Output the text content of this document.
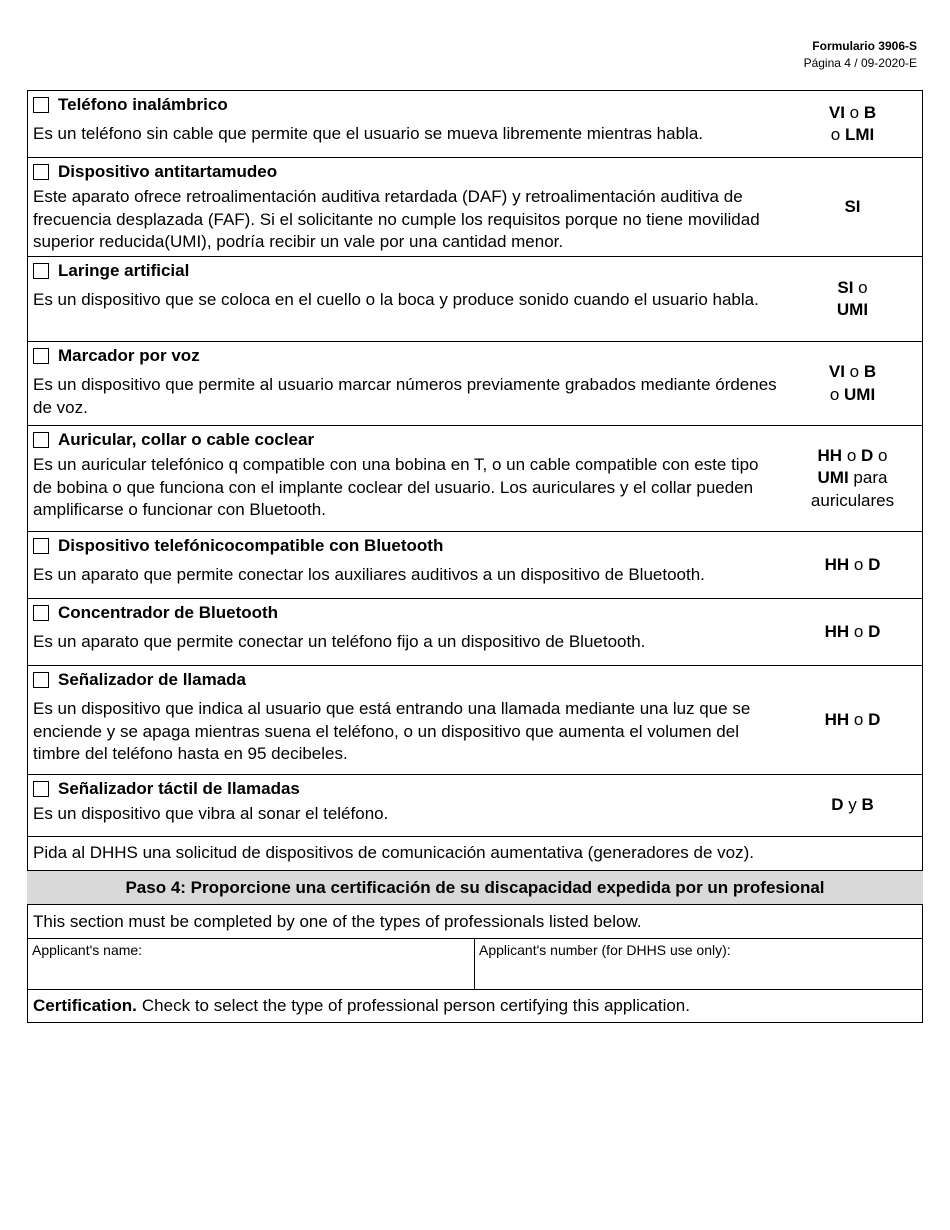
Formulario 3906-S
Página 4 / 09-2020-E
Teléfono inalámbrico
Es un teléfono sin cable que permite que el usuario se mueva libremente mientras habla.
VI o B
o LMI
Dispositivo antitartamudeo
Este aparato ofrece retroalimentación auditiva retardada (DAF) y retroalimentación auditiva de frecuencia desplazada (FAF). Si el solicitante no cumple los requisitos porque no tiene movilidad superior reducida(UMI), podría recibir un vale por una cantidad menor.
SI
Laringe artificial
Es un dispositivo que se coloca en el cuello o la boca y produce sonido cuando el usuario habla.
SI o
UMI
Marcador por voz
Es un dispositivo que permite al usuario marcar números previamente grabados mediante órdenes de voz.
VI o B
o UMI
Auricular, collar o cable coclear
Es un auricular telefónico q compatible con una bobina en T, o un cable compatible con este tipo de bobina o que funciona con el implante coclear del usuario. Los auriculares y el collar pueden amplificarse o funcionar con Bluetooth.
HH o D o
UMI para
auriculares
Dispositivo telefónicocompatible con Bluetooth
Es un aparato que permite conectar los auxiliares auditivos a un dispositivo de Bluetooth.
HH o D
Concentrador de Bluetooth
Es un aparato que permite conectar un teléfono fijo a un dispositivo de Bluetooth.
HH o D
Señalizador de llamada
Es un dispositivo que indica al usuario que está entrando una llamada mediante una luz que se enciende y se apaga mientras suena el teléfono, o un dispositivo que aumenta el volumen del timbre del teléfono hasta en 95 decibeles.
HH o D
Señalizador táctil de llamadas
Es un dispositivo que vibra al sonar el teléfono.	D y B
Pida al DHHS una solicitud de dispositivos de comunicación aumentativa (generadores de voz).
Paso 4: Proporcione una certificación de su discapacidad expedida por un profesional
This section must be completed by one of the types of professionals listed below.
Applicant's name:	Applicant's number (for DHHS use only):
Certification. Check to select the type of professional person certifying this application.
